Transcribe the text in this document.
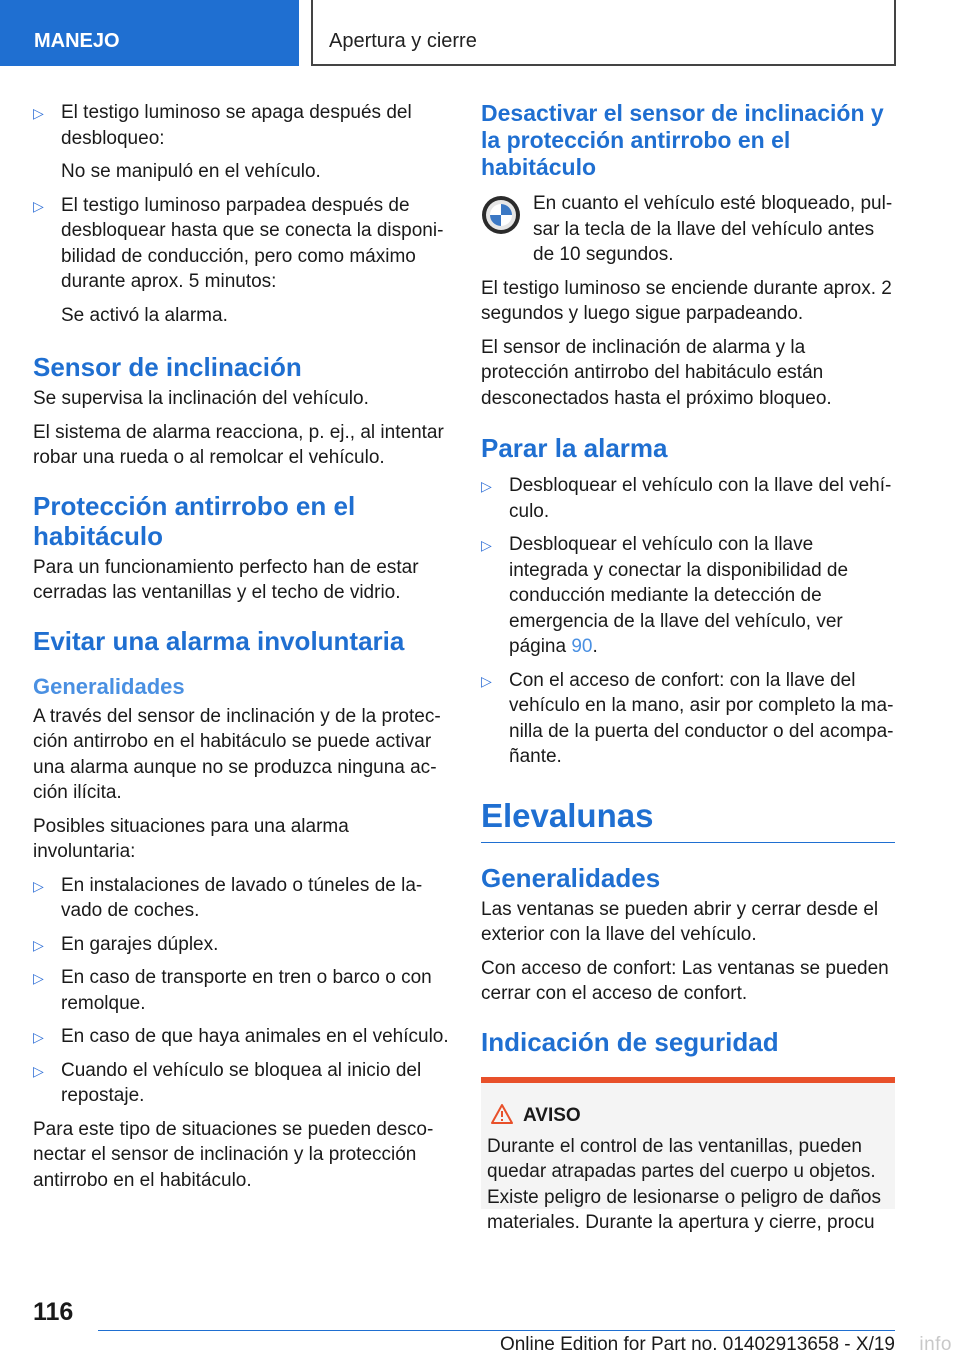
MANEJO	Apertura y cierre
▷ El testigo luminoso se apaga después del desbloqueo:
No se manipuló en el vehículo.
▷ El testigo luminoso parpadea después de desbloquear hasta que se conecta la disponibilidad de conducción, pero como máximo durante aprox. 5 minutos:
Se activó la alarma.
Sensor de inclinación

Se supervisa la inclinación del vehículo.

El sistema de alarma reacciona, p. ej., al intentar robar una rueda o al remolcar el vehículo.

Protección antirrobo en el habitáculo

Para un funcionamiento perfecto han de estar cerradas las ventanillas y el techo de vidrio.

Evitar una alarma involuntaria
Generalidades

A través del sensor de inclinación y de la protección antirrobo en el habitáculo se puede activar una alarma aunque no se produzca ninguna acción ilícita.

Posibles situaciones para una alarma involuntaria:

▷ En instalaciones de lavado o túneles de lavado de coches.
▷ En garajes dúplex.
▷ En caso de transporte en tren o barco o con remolque.
▷ En caso de que haya animales en el vehículo.
▷ Cuando el vehículo se bloquea al inicio del repostaje.

Para este tipo de situaciones se pueden desconectar el sensor de inclinación y la protección antirrobo en el habitáculo.

Desactivar el sensor de inclinación y la protección antirrobo en el habitáculo
En cuanto el vehículo esté bloqueado, pulsar la tecla de la llave del vehículo antes de 10 segundos.

El testigo luminoso se enciende durante aprox. 2 segundos y luego sigue parpadeando.

El sensor de inclinación de alarma y la protección antirrobo del habitáculo están desconectados hasta el próximo bloqueo.

Parar la alarma
▷ Desbloquear el vehículo con la llave del vehículo.
▷ Desbloquear el vehículo con la llave integrada y conectar la disponibilidad de conducción mediante la detección de emergencia de la llave del vehículo, ver página 90.
▷ Con el acceso de confort: con la llave del vehículo en la mano, asir por completo la manilla de la puerta del conductor o del acompañante.
Elevalunas
Generalidades

Las ventanas se pueden abrir y cerrar desde el exterior con la llave del vehículo.

Con acceso de confort: Las ventanas se pueden cerrar con el acceso de confort.

Indicación de seguridad
AVISO

Durante el control de las ventanillas, pueden quedar atrapadas partes del cuerpo u objetos. Existe peligro de lesionarse o peligro de daños materiales. Durante la apertura y cierre, procu

116
Online Edition for Part no. 01402913658 - X/19 info
